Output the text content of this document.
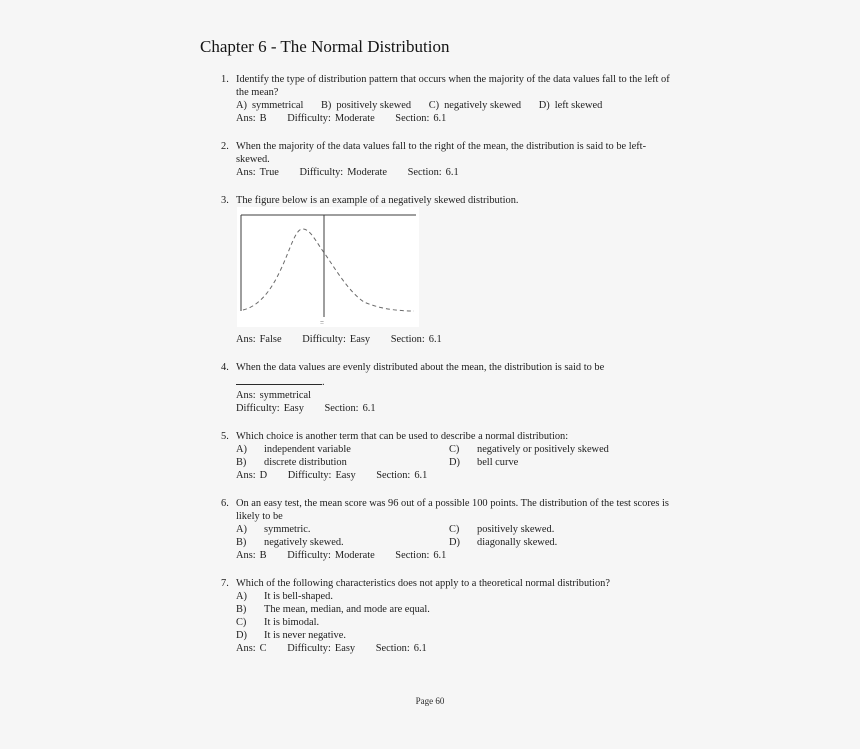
Chapter 6 - The Normal Distribution
1. Identify the type of distribution pattern that occurs when the majority of the data values fall to the left of the mean?
A) symmetrical B) positively skewed C) negatively skewed D) left skewed
Ans: B Difficulty: Moderate Section: 6.1
2. When the majority of the data values fall to the right of the mean, the distribution is said to be left-skewed.
Ans: True Difficulty: Moderate Section: 6.1
3. The figure below is an example of a negatively skewed distribution.
=
Ans: False Difficulty: Easy Section: 6.1
4. When the data values are evenly distributed about the mean, the distribution is said to be
.
Ans: symmetrical
Difficulty: Easy Section: 6.1
5. Which choice is another term that can be used to describe a normal distribution:
A) independent variable	C) negatively or positively skewed
B) discrete distribution	D) bell curve
Ans: D Difficulty: Easy Section: 6.1
6. On an easy test, the mean score was 96 out of a possible 100 points. The distribution of the test scores is likely to be
A) symmetric.	C) positively skewed.
B) negatively skewed.	D) diagonally skewed.
Ans: B Difficulty: Moderate Section: 6.1
7. Which of the following characteristics does not apply to a theoretical normal distribution?
A) It is bell-shaped.
B) The mean, median, and mode are equal.
C) It is bimodal.
D) It is never negative.
Ans: C Difficulty: Easy Section: 6.1
Page 60
